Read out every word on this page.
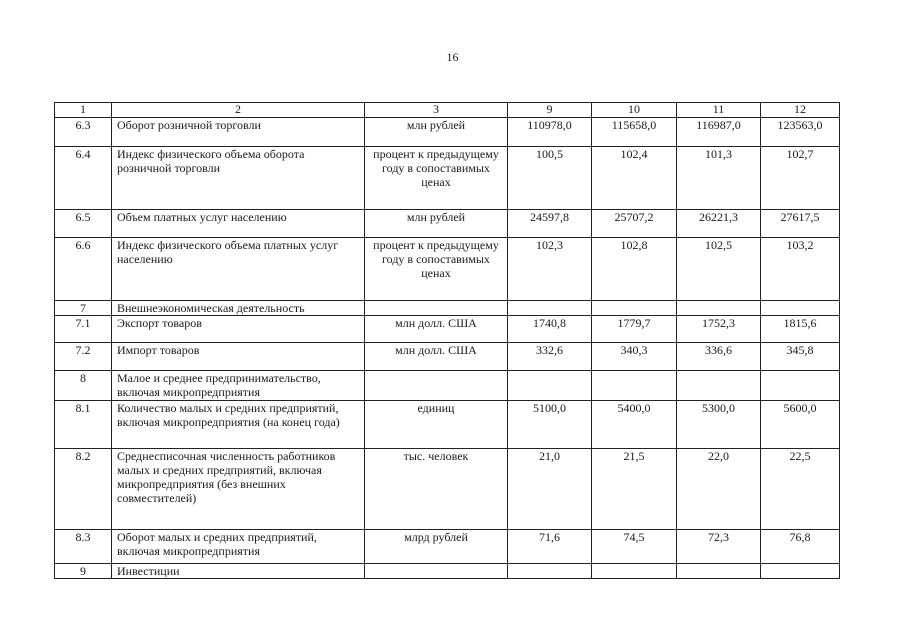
16
1	2	3	9	10	11	12
6.3	Оборот розничной торговли	млн рублей	110978,0	115658,0	116987,0	123563,0
6.4	Индекс физического объема оборота розничной торговли	процент к предыдущему году в сопоставимых ценах	100,5	102,4	101,3	102,7
6.5	Объем платных услуг населению	млн рублей	24597,8	25707,2	26221,3	27617,5
6.6	Индекс физического объема платных услуг населению	процент к предыдущему году в сопоставимых ценах	102,3	102,8	102,5	103,2
7	Внешнеэкономическая деятельность					
7.1	Экспорт товаров	млн долл. США	1740,8	1779,7	1752,3	1815,6
7.2	Импорт товаров	млн долл. США	332,6	340,3	336,6	345,8
8	Малое и среднее предпринимательство, включая микропредприятия					
8.1	Количество малых и средних предприятий, включая микропредприятия (на конец года)	единиц	5100,0	5400,0	5300,0	5600,0
8.2	Среднесписочная численность работников малых и средних предприятий, включая микропредприятия (без внешних совместителей)	тыс. человек	21,0	21,5	22,0	22,5
8.3	Оборот малых и средних предприятий, включая микропредприятия	млрд рублей	71,6	74,5	72,3	76,8
9	Инвестиции					
